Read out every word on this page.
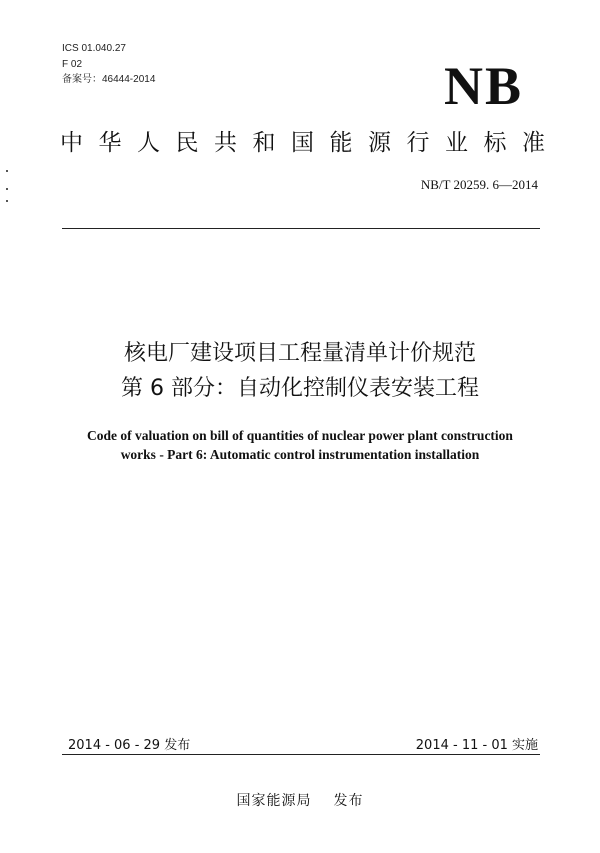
ICS 01.040.27
F 02
备案号：46444-2014	NB
中华人民共和国能源行业标准
NB/T 20259. 6—2014
核电厂建设项目工程量清单计价规范
第 6 部分：自动化控制仪表安装工程
Code of valuation on bill of quantities of nuclear power plant construction
works - Part 6: Automatic control instrumentation installation
2014 - 06 - 29 发布	2014 - 11 - 01 实施
国家能源局 发布
